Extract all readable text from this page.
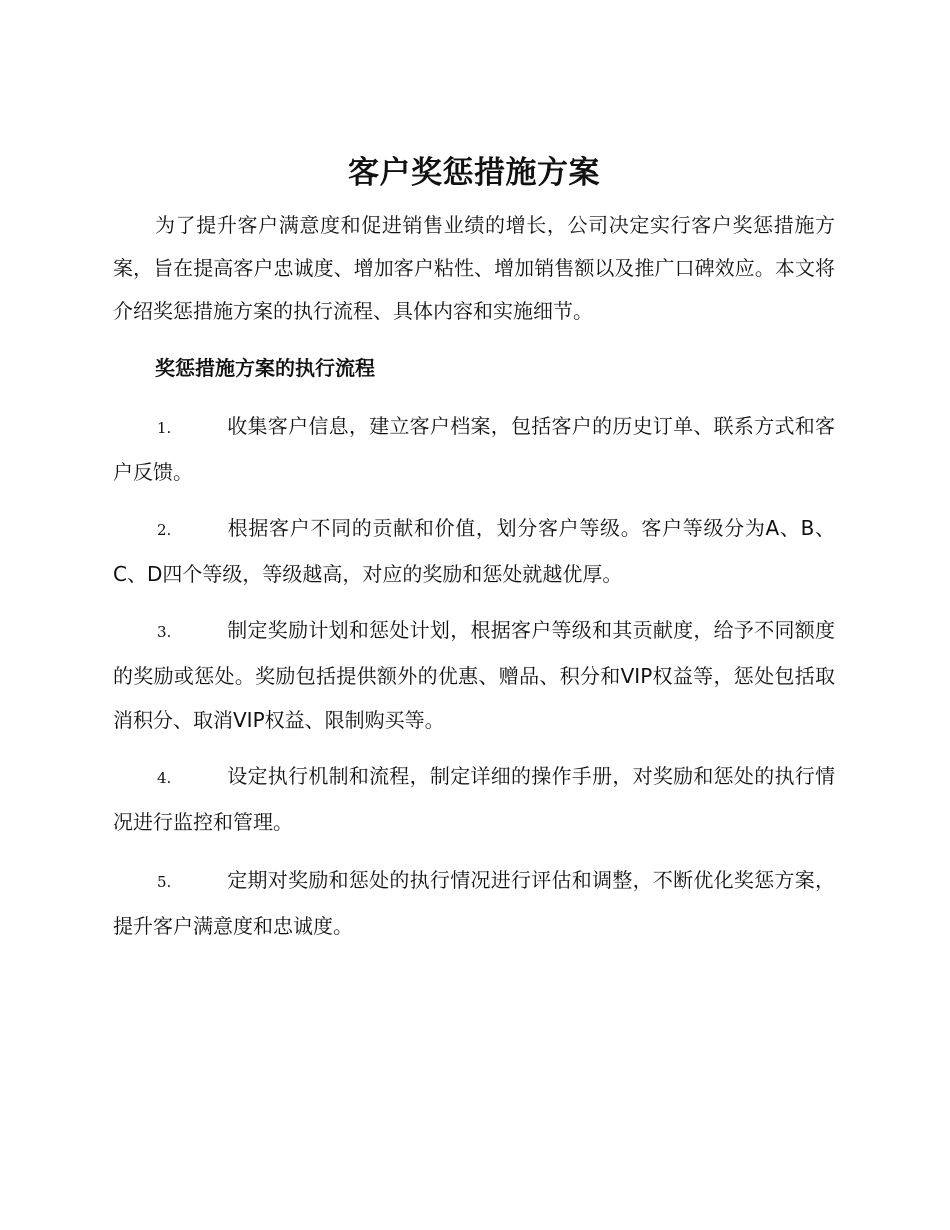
客户奖惩措施方案

为了提升客户满意度和促进销售业绩的增长，公司决定实行客户奖惩措施方案，旨在提高客户忠诚度、增加客户粘性、增加销售额以及推广口碑效应。本文将介绍奖惩措施方案的执行流程、具体内容和实施细节。

奖惩措施方案的执行流程

1.	收集客户信息，建立客户档案，包括客户的历史订单、联系方式和客户反馈。

2.	根据客户不同的贡献和价值，划分客户等级。客户等级分为A、B、C、D四个等级，等级越高，对应的奖励和惩处就越优厚。

3.	制定奖励计划和惩处计划，根据客户等级和其贡献度，给予不同额度的奖励或惩处。奖励包括提供额外的优惠、赠品、积分和VIP权益等，惩处包括取消积分、取消VIP权益、限制购买等。

4.	设定执行机制和流程，制定详细的操作手册，对奖励和惩处的执行情况进行监控和管理。

5.	定期对奖励和惩处的执行情况进行评估和调整，不断优化奖惩方案，提升客户满意度和忠诚度。
